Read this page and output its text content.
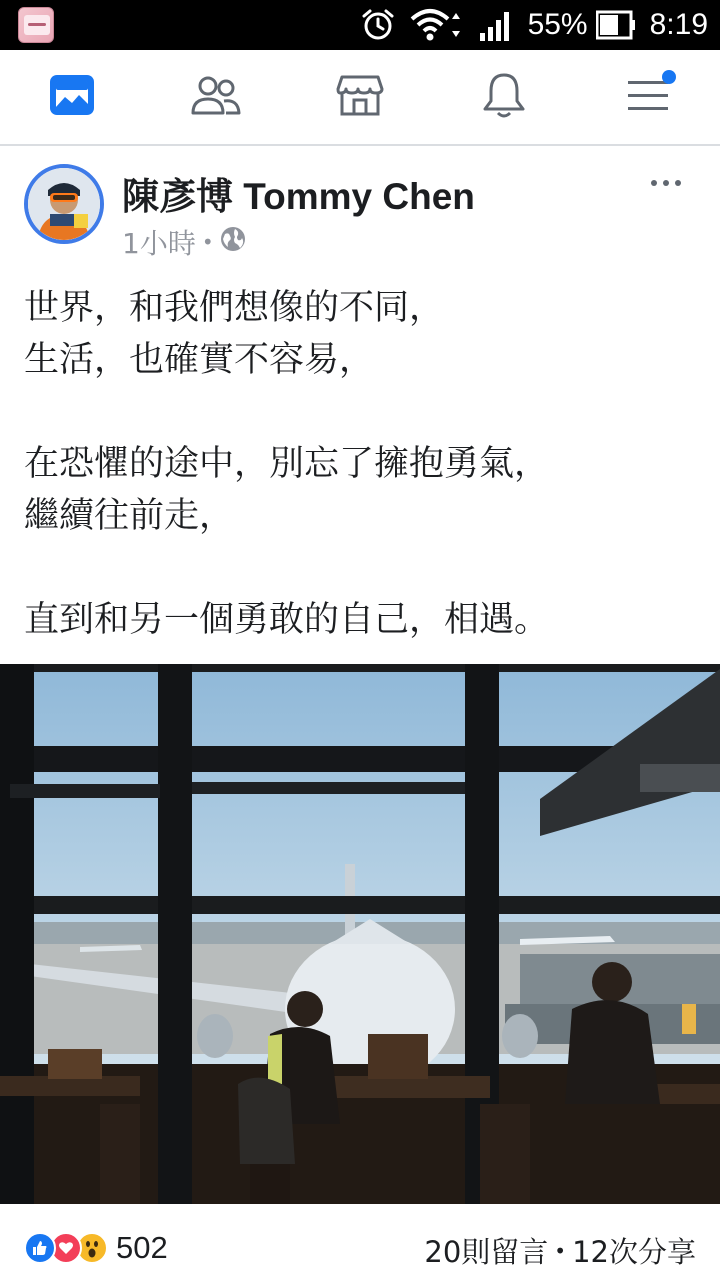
55% 8:19
陳彥博 Tommy Chen
1小時 •
世界，和我們想像的不同，
生活，也確實不容易，
在恐懼的途中，別忘了擁抱勇氣，
繼續往前走，
直到和另一個勇敢的自己，相遇。
502	20則留言 • 12次分享
